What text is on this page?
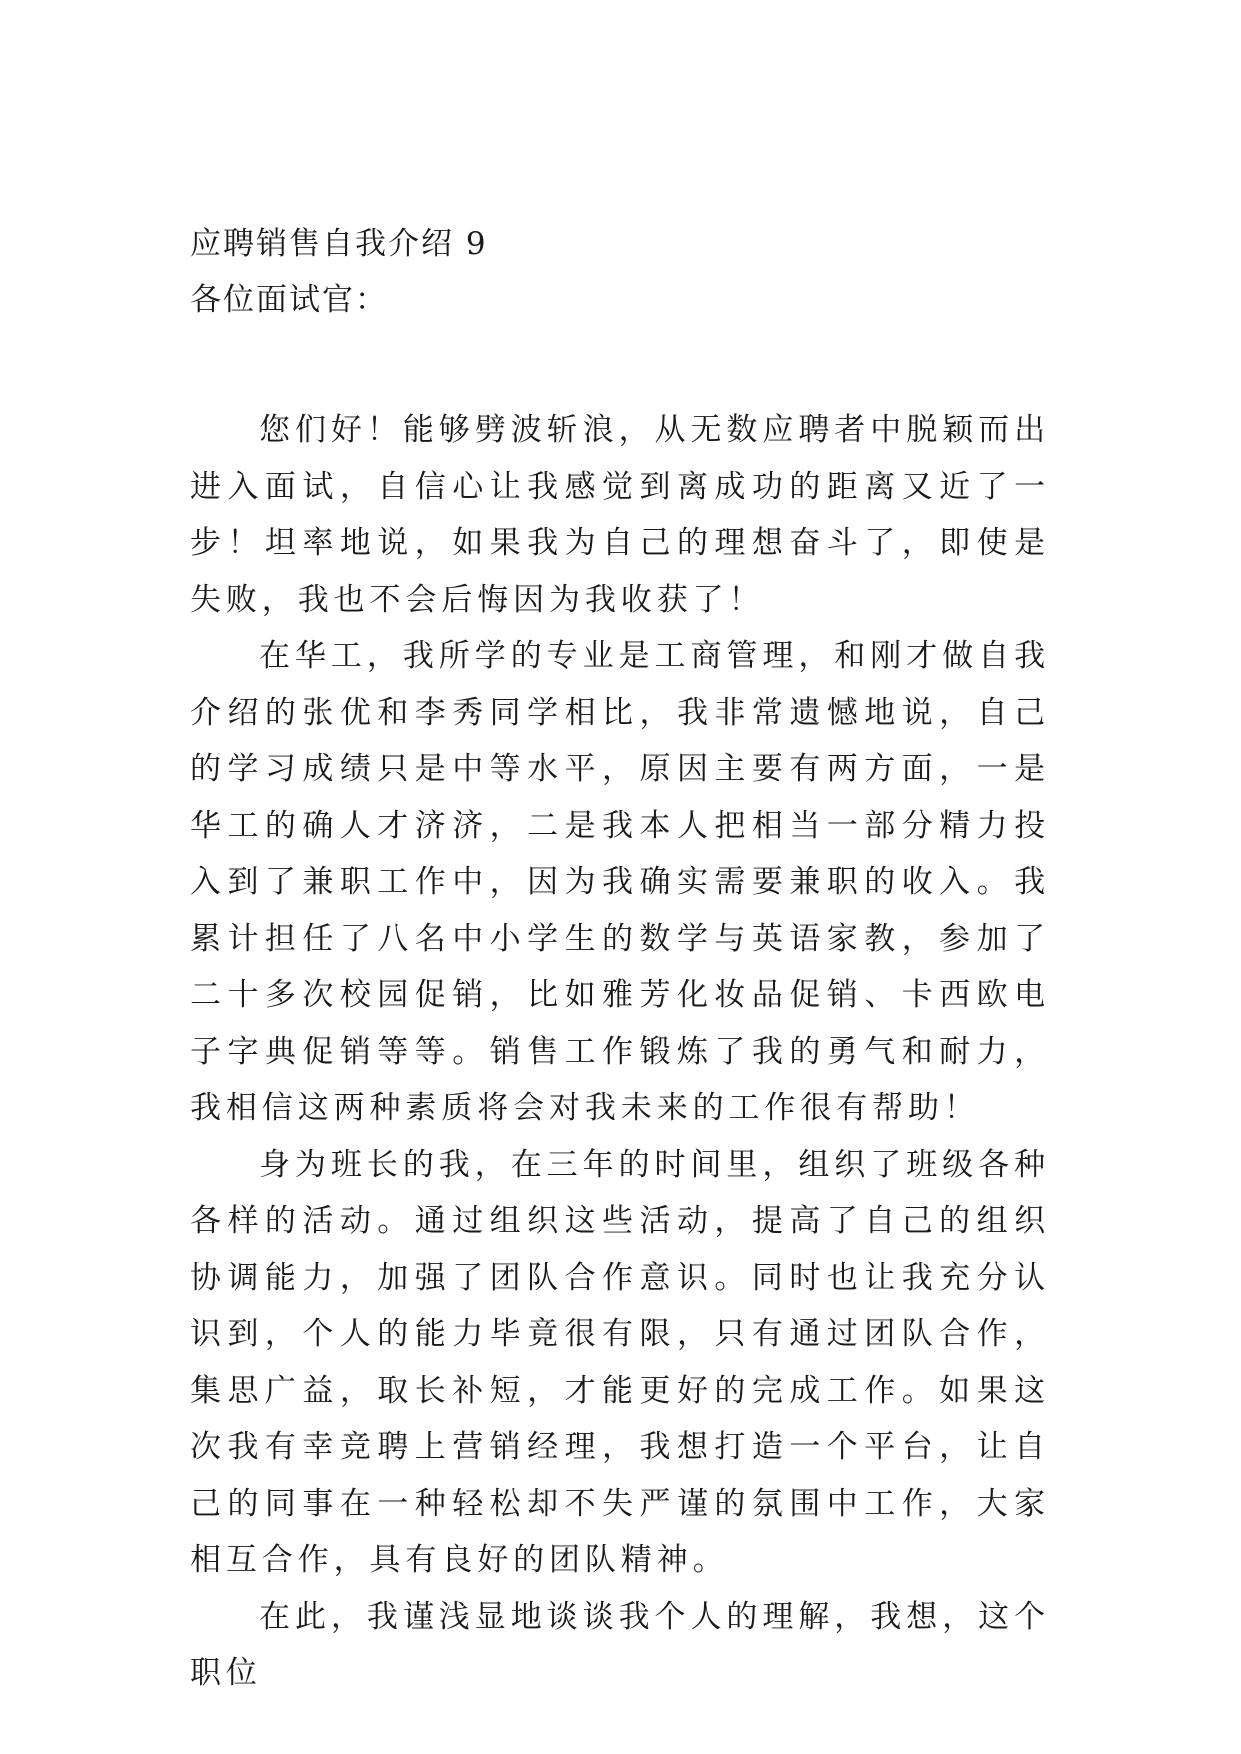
应聘销售自我介绍 9

各位面试官：

您们好！能够劈波斩浪，从无数应聘者中脱颖而出进入面试，自信心让我感觉到离成功的距离又近了一步！坦率地说，如果我为自己的理想奋斗了，即使是失败，我也不会后悔因为我收获了！

在华工，我所学的专业是工商管理，和刚才做自我介绍的张优和李秀同学相比，我非常遗憾地说，自己的学习成绩只是中等水平，原因主要有两方面，一是华工的确人才济济，二是我本人把相当一部分精力投入到了兼职工作中，因为我确实需要兼职的收入。我累计担任了八名中小学生的数学与英语家教，参加了二十多次校园促销，比如雅芳化妆品促销、卡西欧电子字典促销等等。销售工作锻炼了我的勇气和耐力，我相信这两种素质将会对我未来的工作很有帮助！

身为班长的我，在三年的时间里，组织了班级各种各样的活动。通过组织这些活动，提高了自己的组织协调能力，加强了团队合作意识。同时也让我充分认识到，个人的能力毕竟很有限，只有通过团队合作，集思广益，取长补短，才能更好的完成工作。如果这次我有幸竞聘上营销经理，我想打造一个平台，让自己的同事在一种轻松却不失严谨的氛围中工作，大家相互合作，具有良好的团队精神。

在此，我谨浅显地谈谈我个人的理解，我想，这个职位
